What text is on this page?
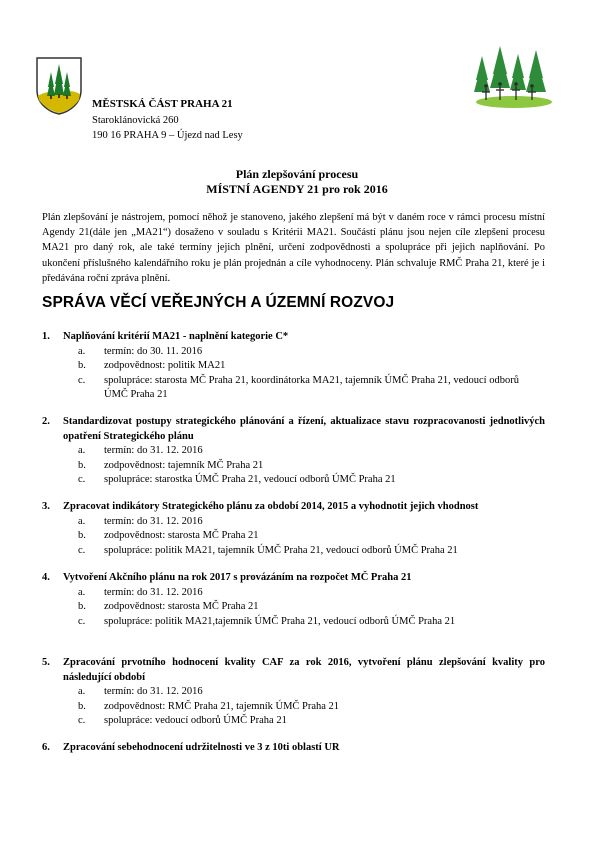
MĚSTSKÁ ČÁST PRAHA 21
Staroklánovická 260
190 16 PRAHA 9 – Újezd nad Lesy
Plán zlepšování procesu
MÍSTNÍ AGENDY 21 pro rok 2016
Plán zlepšování je nástrojem, pomocí něhož je stanoveno, jakého zlepšení má být v daném roce v rámci procesu místní Agendy 21(dále jen „MA21“) dosaženo v souladu s Kritérii MA21. Součástí plánu jsou nejen cíle zlepšení procesu MA21 pro daný rok, ale také termíny jejich plnění, určení zodpovědnosti a spolupráce při jejich naplňování. Po ukončení příslušného kalendářního roku je plán projednán a cíle vyhodnoceny. Plán schvaluje RMČ Praha 21, které je i předávána roční zpráva plnění.
SPRÁVA VĚCÍ VEŘEJNÝCH A ÚZEMNÍ ROZVOJ
1.	Naplňování kritérií MA21 - naplnění kategorie C*
a.	termín: do 30. 11. 2016
b.	zodpovědnost: politik MA21
c.	spolupráce: starosta MČ Praha 21, koordinátorka MA21, tajemník ÚMČ Praha 21, vedoucí odborů ÚMČ Praha 21
2.	Standardizovat postupy strategického plánování a řízení, aktualizace stavu rozpracovanosti jednotlivých opatření Strategického plánu
a.	termín: do 31. 12. 2016
b.	zodpovědnost: tajemník MČ Praha 21
c.	spolupráce: starostka ÚMČ Praha 21, vedoucí odborů ÚMČ Praha 21
3.	Zpracovat indikátory Strategického plánu za období 2014, 2015 a vyhodnotit jejich vhodnost
a.	termín: do 31. 12. 2016
b.	zodpovědnost: starosta MČ Praha 21
c.	spolupráce: politik MA21, tajemník ÚMČ Praha 21, vedoucí odborů ÚMČ Praha 21
4.	Vytvoření Akčního plánu na rok 2017 s provázáním na rozpočet MČ Praha 21
a.	termín: do 31. 12. 2016
b.	zodpovědnost: starosta MČ Praha 21
c.	spolupráce: politik MA21,tajemník ÚMČ Praha 21, vedoucí odborů ÚMČ Praha 21
5.	Zpracování prvotního hodnocení kvality CAF za rok 2016, vytvoření plánu zlepšování kvality pro následující období
a.	termín: do 31. 12. 2016
b.	zodpovědnost: RMČ Praha 21, tajemník ÚMČ Praha 21
c.	spolupráce: vedoucí odborů ÚMČ Praha 21
6.	Zpracování sebehodnocení udržitelnosti ve 3 z 10ti oblastí UR
